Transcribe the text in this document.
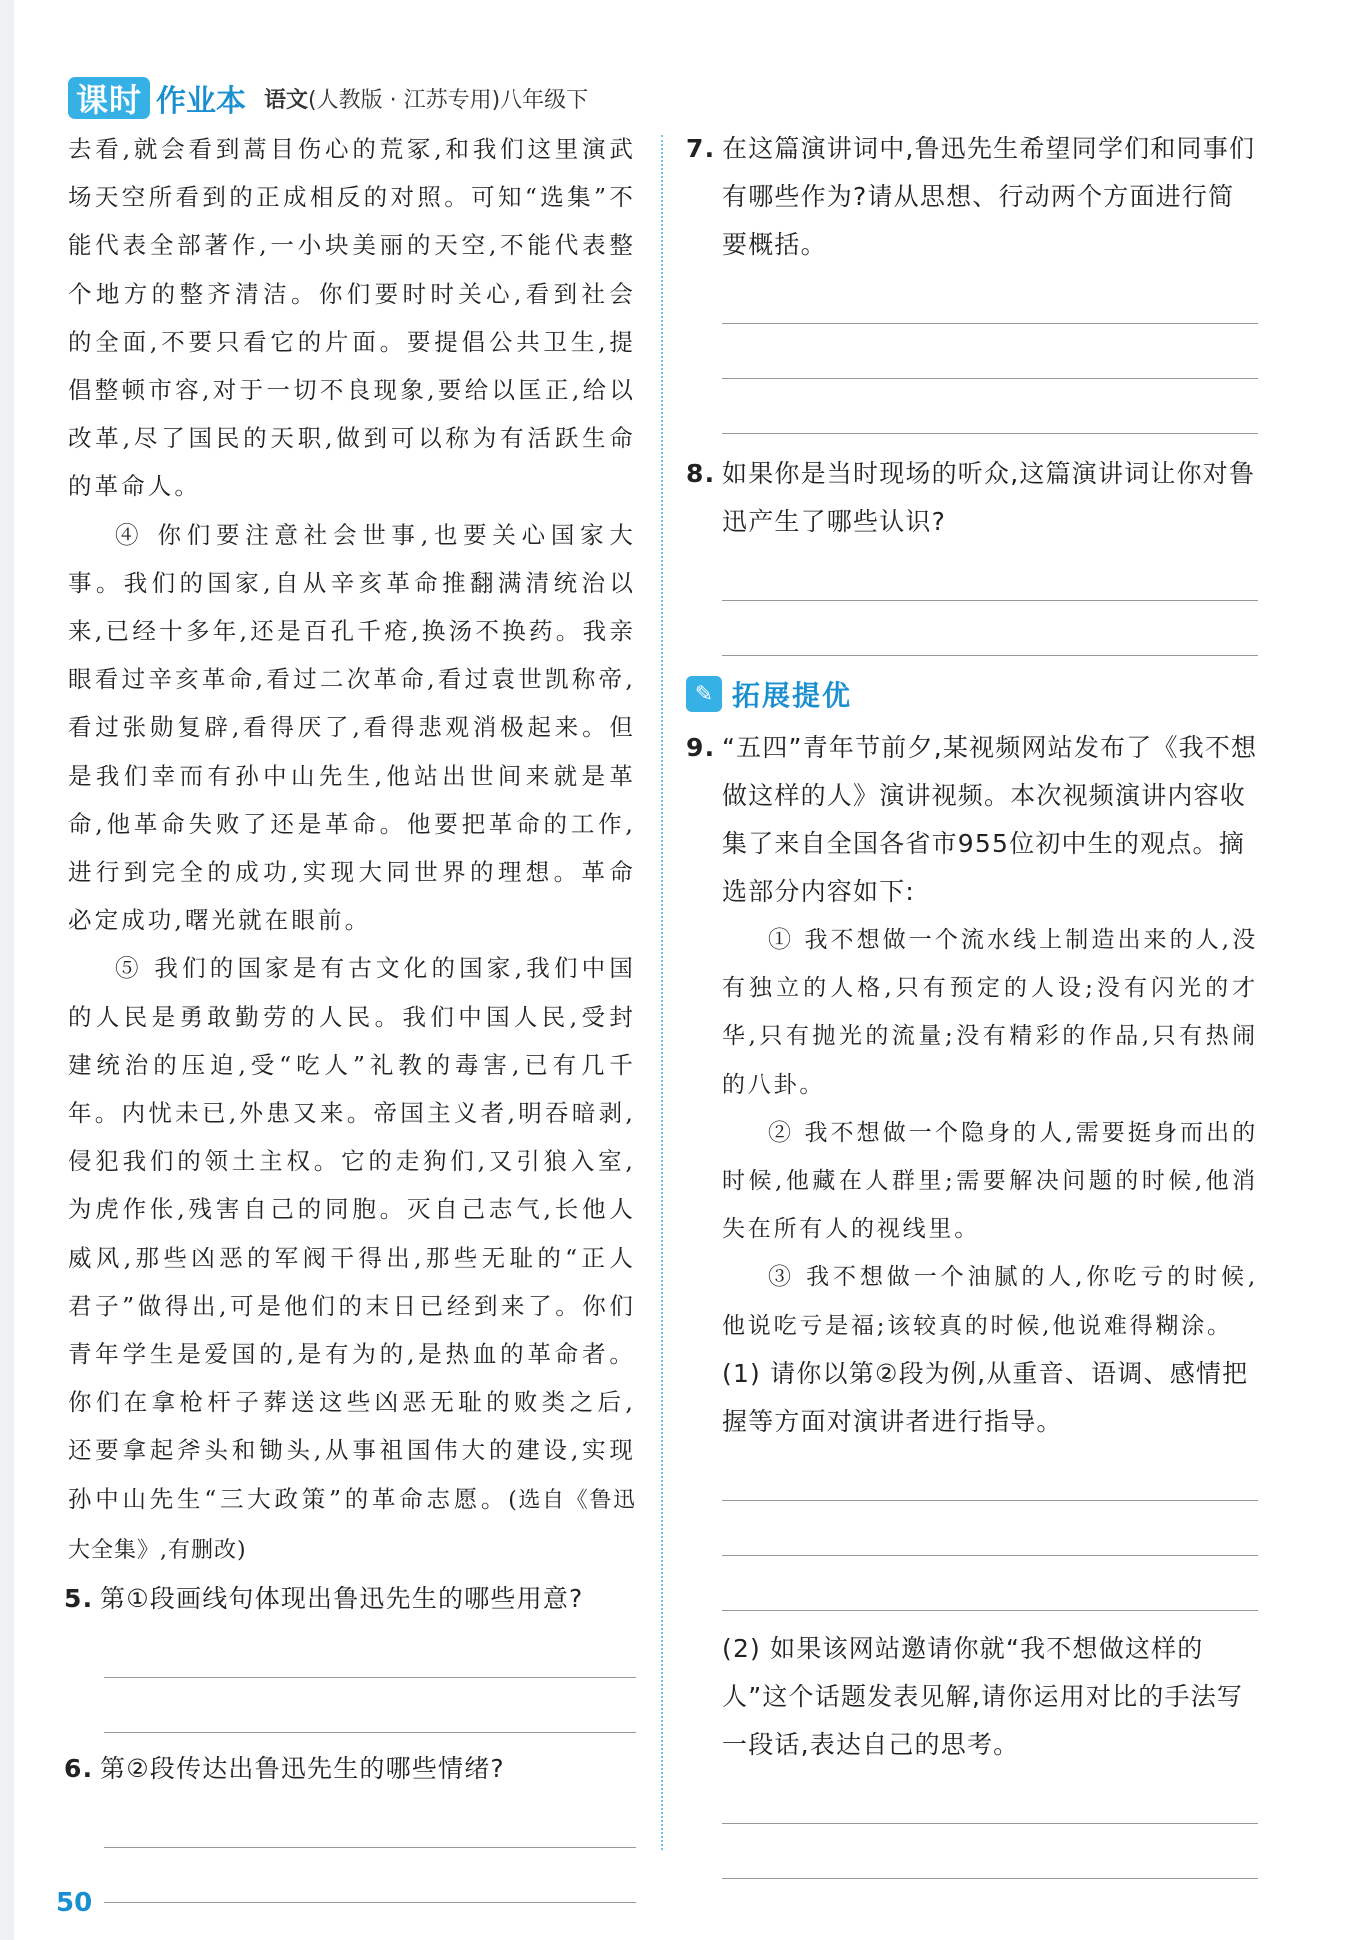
课时 作业本 语文(人教版 · 江苏专用)八年级下

去看,就会看到蒿目伤心的荒冢,和我们这里演武场天空所看到的正成相反的对照。可知“选集”不能代表全部著作,一小块美丽的天空,不能代表整个地方的整齐清洁。你们要时时关心,看到社会的全面,不要只看它的片面。要提倡公共卫生,提倡整顿市容,对于一切不良现象,要给以匡正,给以改革,尽了国民的天职,做到可以称为有活跃生命的革命人。

④ 你们要注意社会世事,也要关心国家大事。我们的国家,自从辛亥革命推翻满清统治以来,已经十多年,还是百孔千疮,换汤不换药。我亲眼看过辛亥革命,看过二次革命,看过袁世凯称帝,看过张勋复辟,看得厌了,看得悲观消极起来。但是我们幸而有孙中山先生,他站出世间来就是革命,他革命失败了还是革命。他要把革命的工作,进行到完全的成功,实现大同世界的理想。革命必定成功,曙光就在眼前。

⑤ 我们的国家是有古文化的国家,我们中国的人民是勇敢勤劳的人民。我们中国人民,受封建统治的压迫,受“吃人”礼教的毒害,已有几千年。内忧未已,外患又来。帝国主义者,明吞暗剥,侵犯我们的领土主权。它的走狗们,又引狼入室,为虎作伥,残害自己的同胞。灭自己志气,长他人威风,那些凶恶的军阀干得出,那些无耻的“正人君子”做得出,可是他们的末日已经到来了。你们青年学生是爱国的,是有为的,是热血的革命者。你们在拿枪杆子葬送这些凶恶无耻的败类之后,还要拿起斧头和锄头,从事祖国伟大的建设,实现孙中山先生“三大政策”的革命志愿。(选自《鲁迅大全集》,有删改)

5. 第①段画线句体现出鲁迅先生的哪些用意?

6. 第②段传达出鲁迅先生的哪些情绪?

7. 在这篇演讲词中,鲁迅先生希望同学们和同事们有哪些作为?请从思想、行动两个方面进行简要概括。

8. 如果你是当时现场的听众,这篇演讲词让你对鲁迅产生了哪些认识?

✎ 拓展提优

9. “五四”青年节前夕,某视频网站发布了《我不想做这样的人》演讲视频。本次视频演讲内容收集了来自全国各省市955位初中生的观点。摘选部分内容如下:

① 我不想做一个流水线上制造出来的人,没有独立的人格,只有预定的人设;没有闪光的才华,只有抛光的流量;没有精彩的作品,只有热闹的八卦。

② 我不想做一个隐身的人,需要挺身而出的时候,他藏在人群里;需要解决问题的时候,他消失在所有人的视线里。

③ 我不想做一个油腻的人,你吃亏的时候,他说吃亏是福;该较真的时候,他说难得糊涂。

(1) 请你以第②段为例,从重音、语调、感情把握等方面对演讲者进行指导。

(2) 如果该网站邀请你就“我不想做这样的人”这个话题发表见解,请你运用对比的手法写一段话,表达自己的思考。

50
